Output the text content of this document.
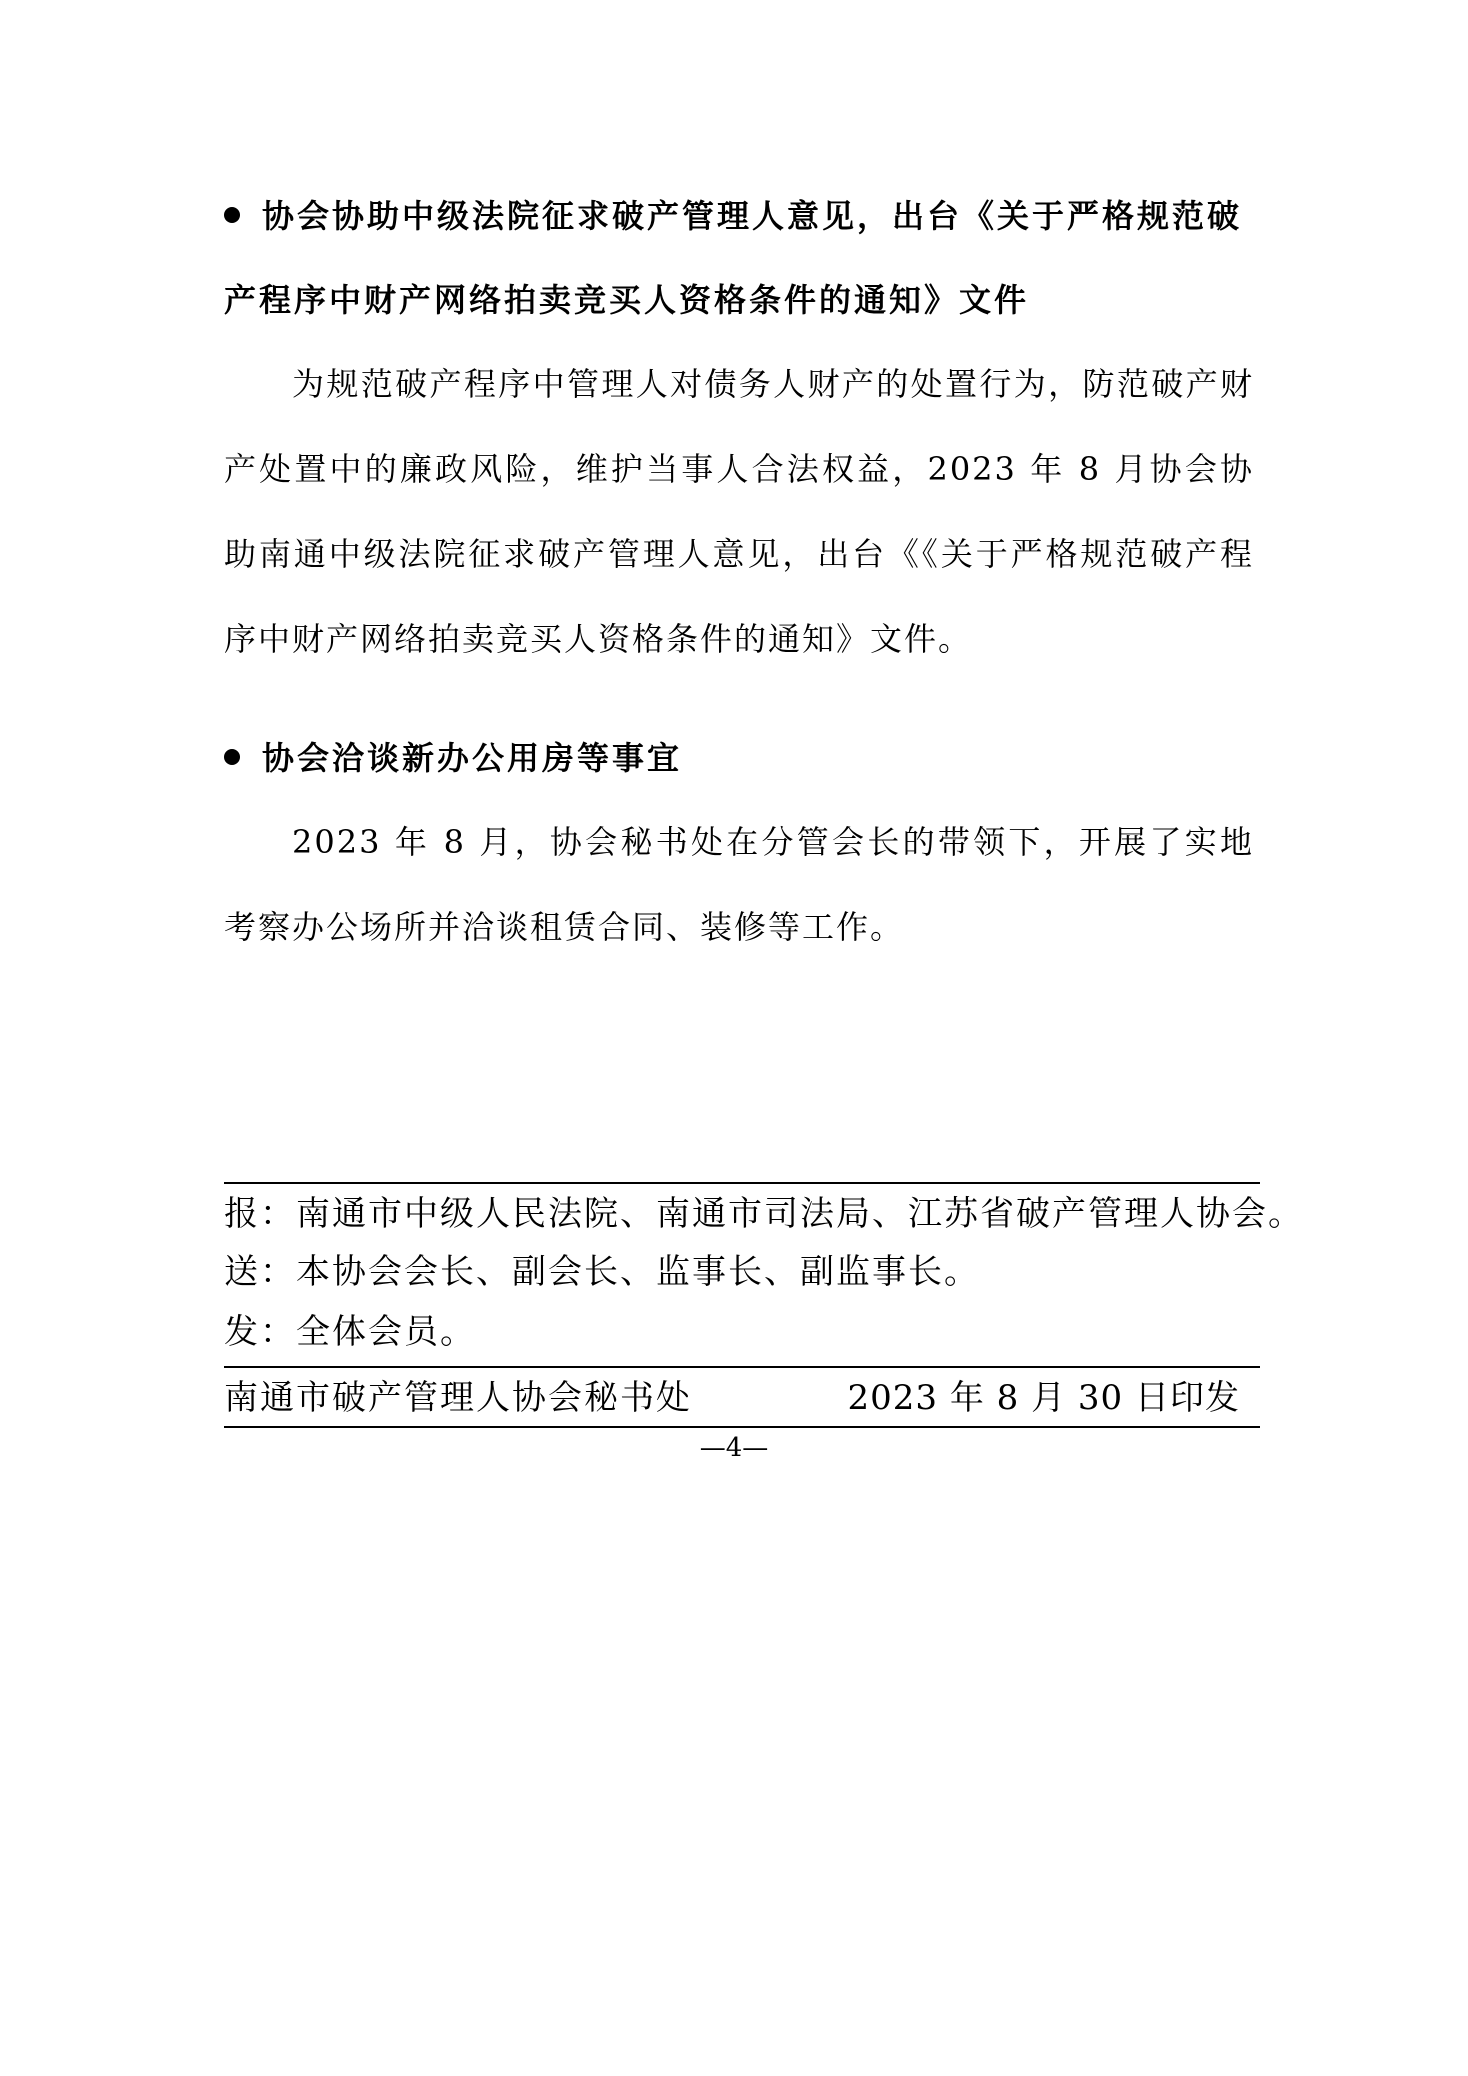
协会协助中级法院征求破产管理人意见，出台《关于严格规范破

产程序中财产网络拍卖竞买人资格条件的通知》文件

为规范破产程序中管理人对债务人财产的处置行为，防范破产财产处置中的廉政风险，维护当事人合法权益，2023 年 8 月协会协助南通中级法院征求破产管理人意见，出台《《关于严格规范破产程序中财产网络拍卖竞买人资格条件的通知》文件。

协会洽谈新办公用房等事宜

2023 年 8 月，协会秘书处在分管会长的带领下，开展了实地考察办公场所并洽谈租赁合同、装修等工作。

报：南通市中级人民法院、南通市司法局、江苏省破产管理人协会。
送：本协会会长、副会长、监事长、副监事长。
发：全体会员。
南通市破产管理人协会秘书处	2023 年 8 月 30 日印发
—4—
